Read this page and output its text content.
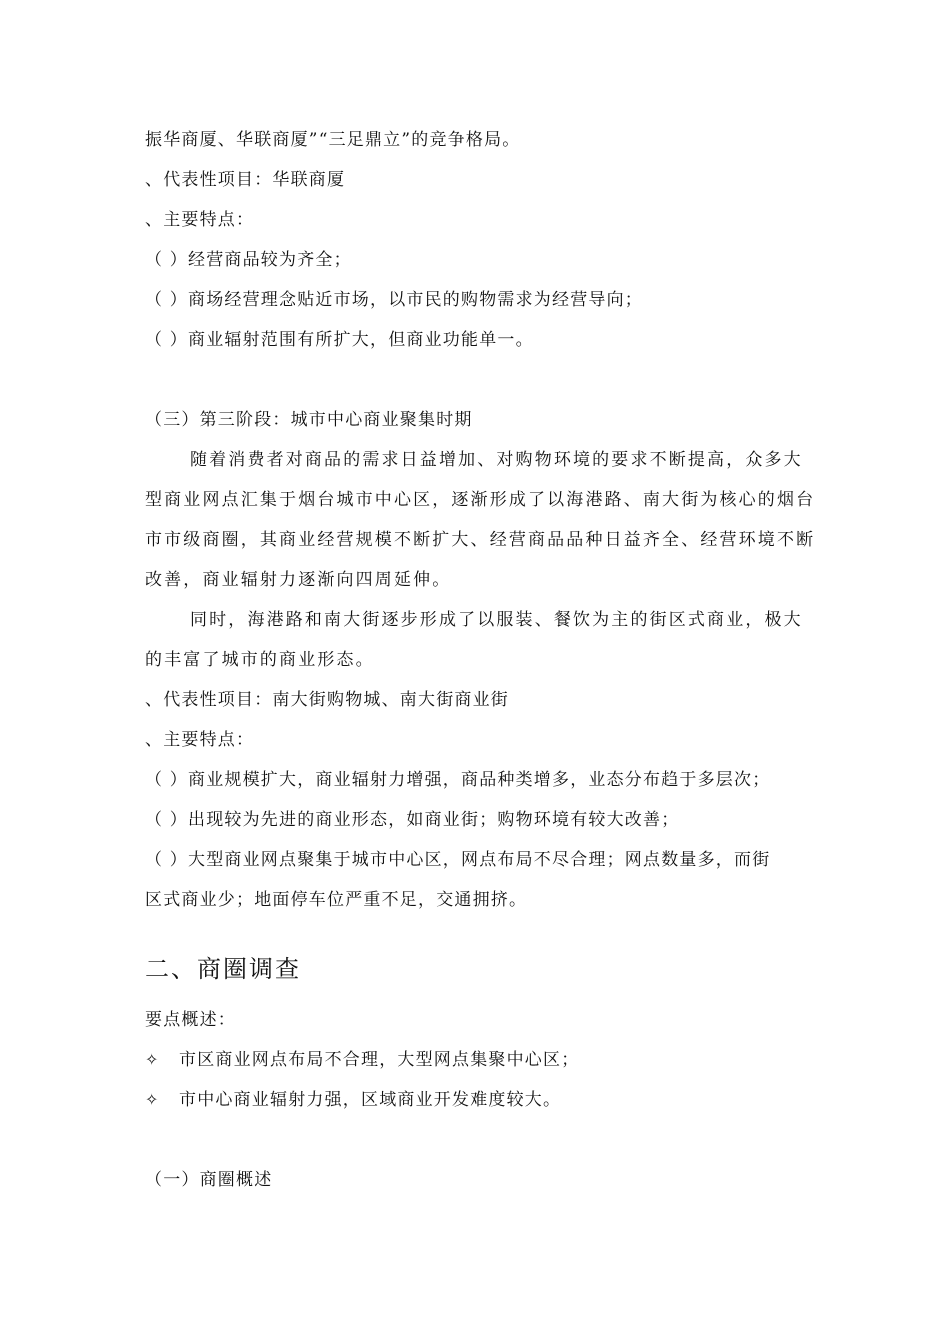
振华商厦、华联商厦”“三足鼎立”的竞争格局。
、代表性项目：华联商厦
、主要特点：
（ ）经营商品较为齐全；
（ ）商场经营理念贴近市场，以市民的购物需求为经营导向；
（ ）商业辐射范围有所扩大，但商业功能单一。
（三）第三阶段：城市中心商业聚集时期
随着消费者对商品的需求日益增加、对购物环境的要求不断提高，众多大
型商业网点汇集于烟台城市中心区，逐渐形成了以海港路、南大街为核心的烟台
市市级商圈，其商业经营规模不断扩大、经营商品品种日益齐全、经营环境不断
改善，商业辐射力逐渐向四周延伸。
同时，海港路和南大街逐步形成了以服装、餐饮为主的街区式商业，极大
的丰富了城市的商业形态。
、代表性项目：南大街购物城、南大街商业街
、主要特点：
（ ）商业规模扩大，商业辐射力增强，商品种类增多，业态分布趋于多层次；
（ ）出现较为先进的商业形态，如商业街；购物环境有较大改善；
（ ）大型商业网点聚集于城市中心区，网点布局不尽合理；网点数量多，而街
区式商业少；地面停车位严重不足，交通拥挤。
二、商圈调查
要点概述：
✧ 市区商业网点布局不合理，大型网点集聚中心区；
✧ 市中心商业辐射力强，区域商业开发难度较大。
（一）商圈概述
